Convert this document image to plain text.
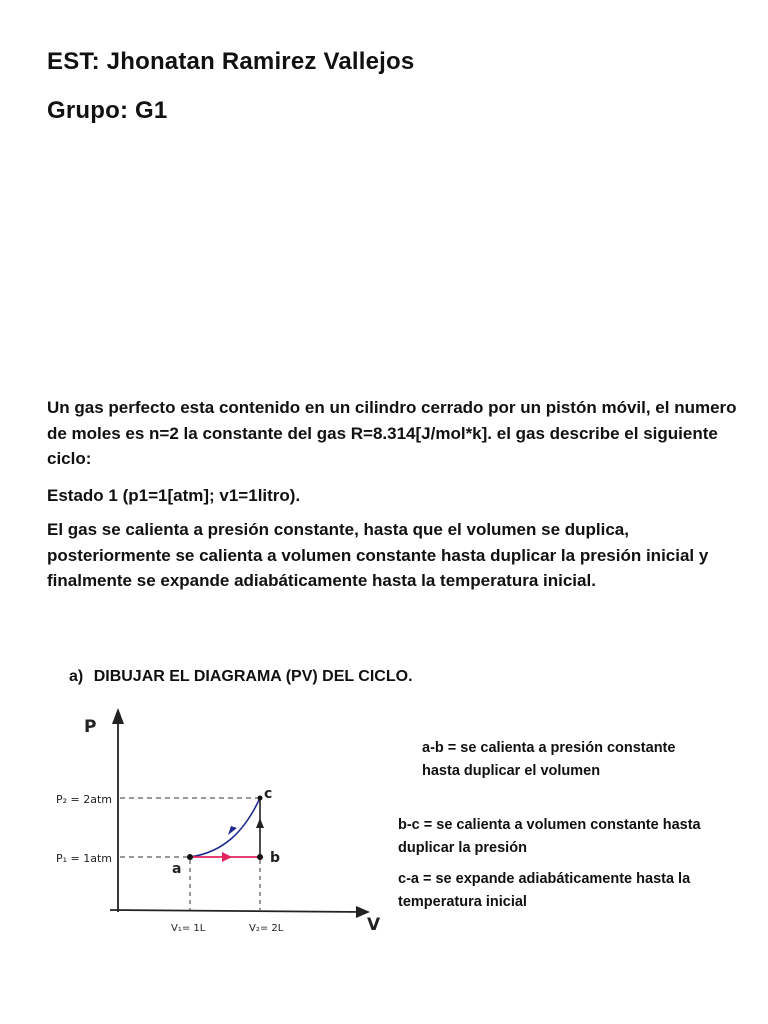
EST: Jhonatan Ramirez Vallejos
Grupo: G1

Un gas perfecto esta contenido en un cilindro cerrado por un pistón móvil, el numero de moles es n=2 la constante del gas R=8.314[J/mol*k]. el gas describe el siguiente ciclo:

Estado 1 (p1=1[atm]; v1=1litro).

El gas se calienta a presión constante, hasta que el volumen se duplica, posteriormente se calienta a volumen constante hasta duplicar la presión inicial y finalmente se expande adiabáticamente hasta la temperatura inicial.

a) DIBUJAR EL DIAGRAMA (PV) DEL CICLO.

P
V
P₂ = 2atm
P₁ = 1atm
V₁= 1L	V₂= 2L
a
b
c

a-b = se calienta a presión constante hasta duplicar el volumen

b-c = se calienta a volumen constante hasta duplicar la presión

c-a = se expande adiabáticamente hasta la temperatura inicial
